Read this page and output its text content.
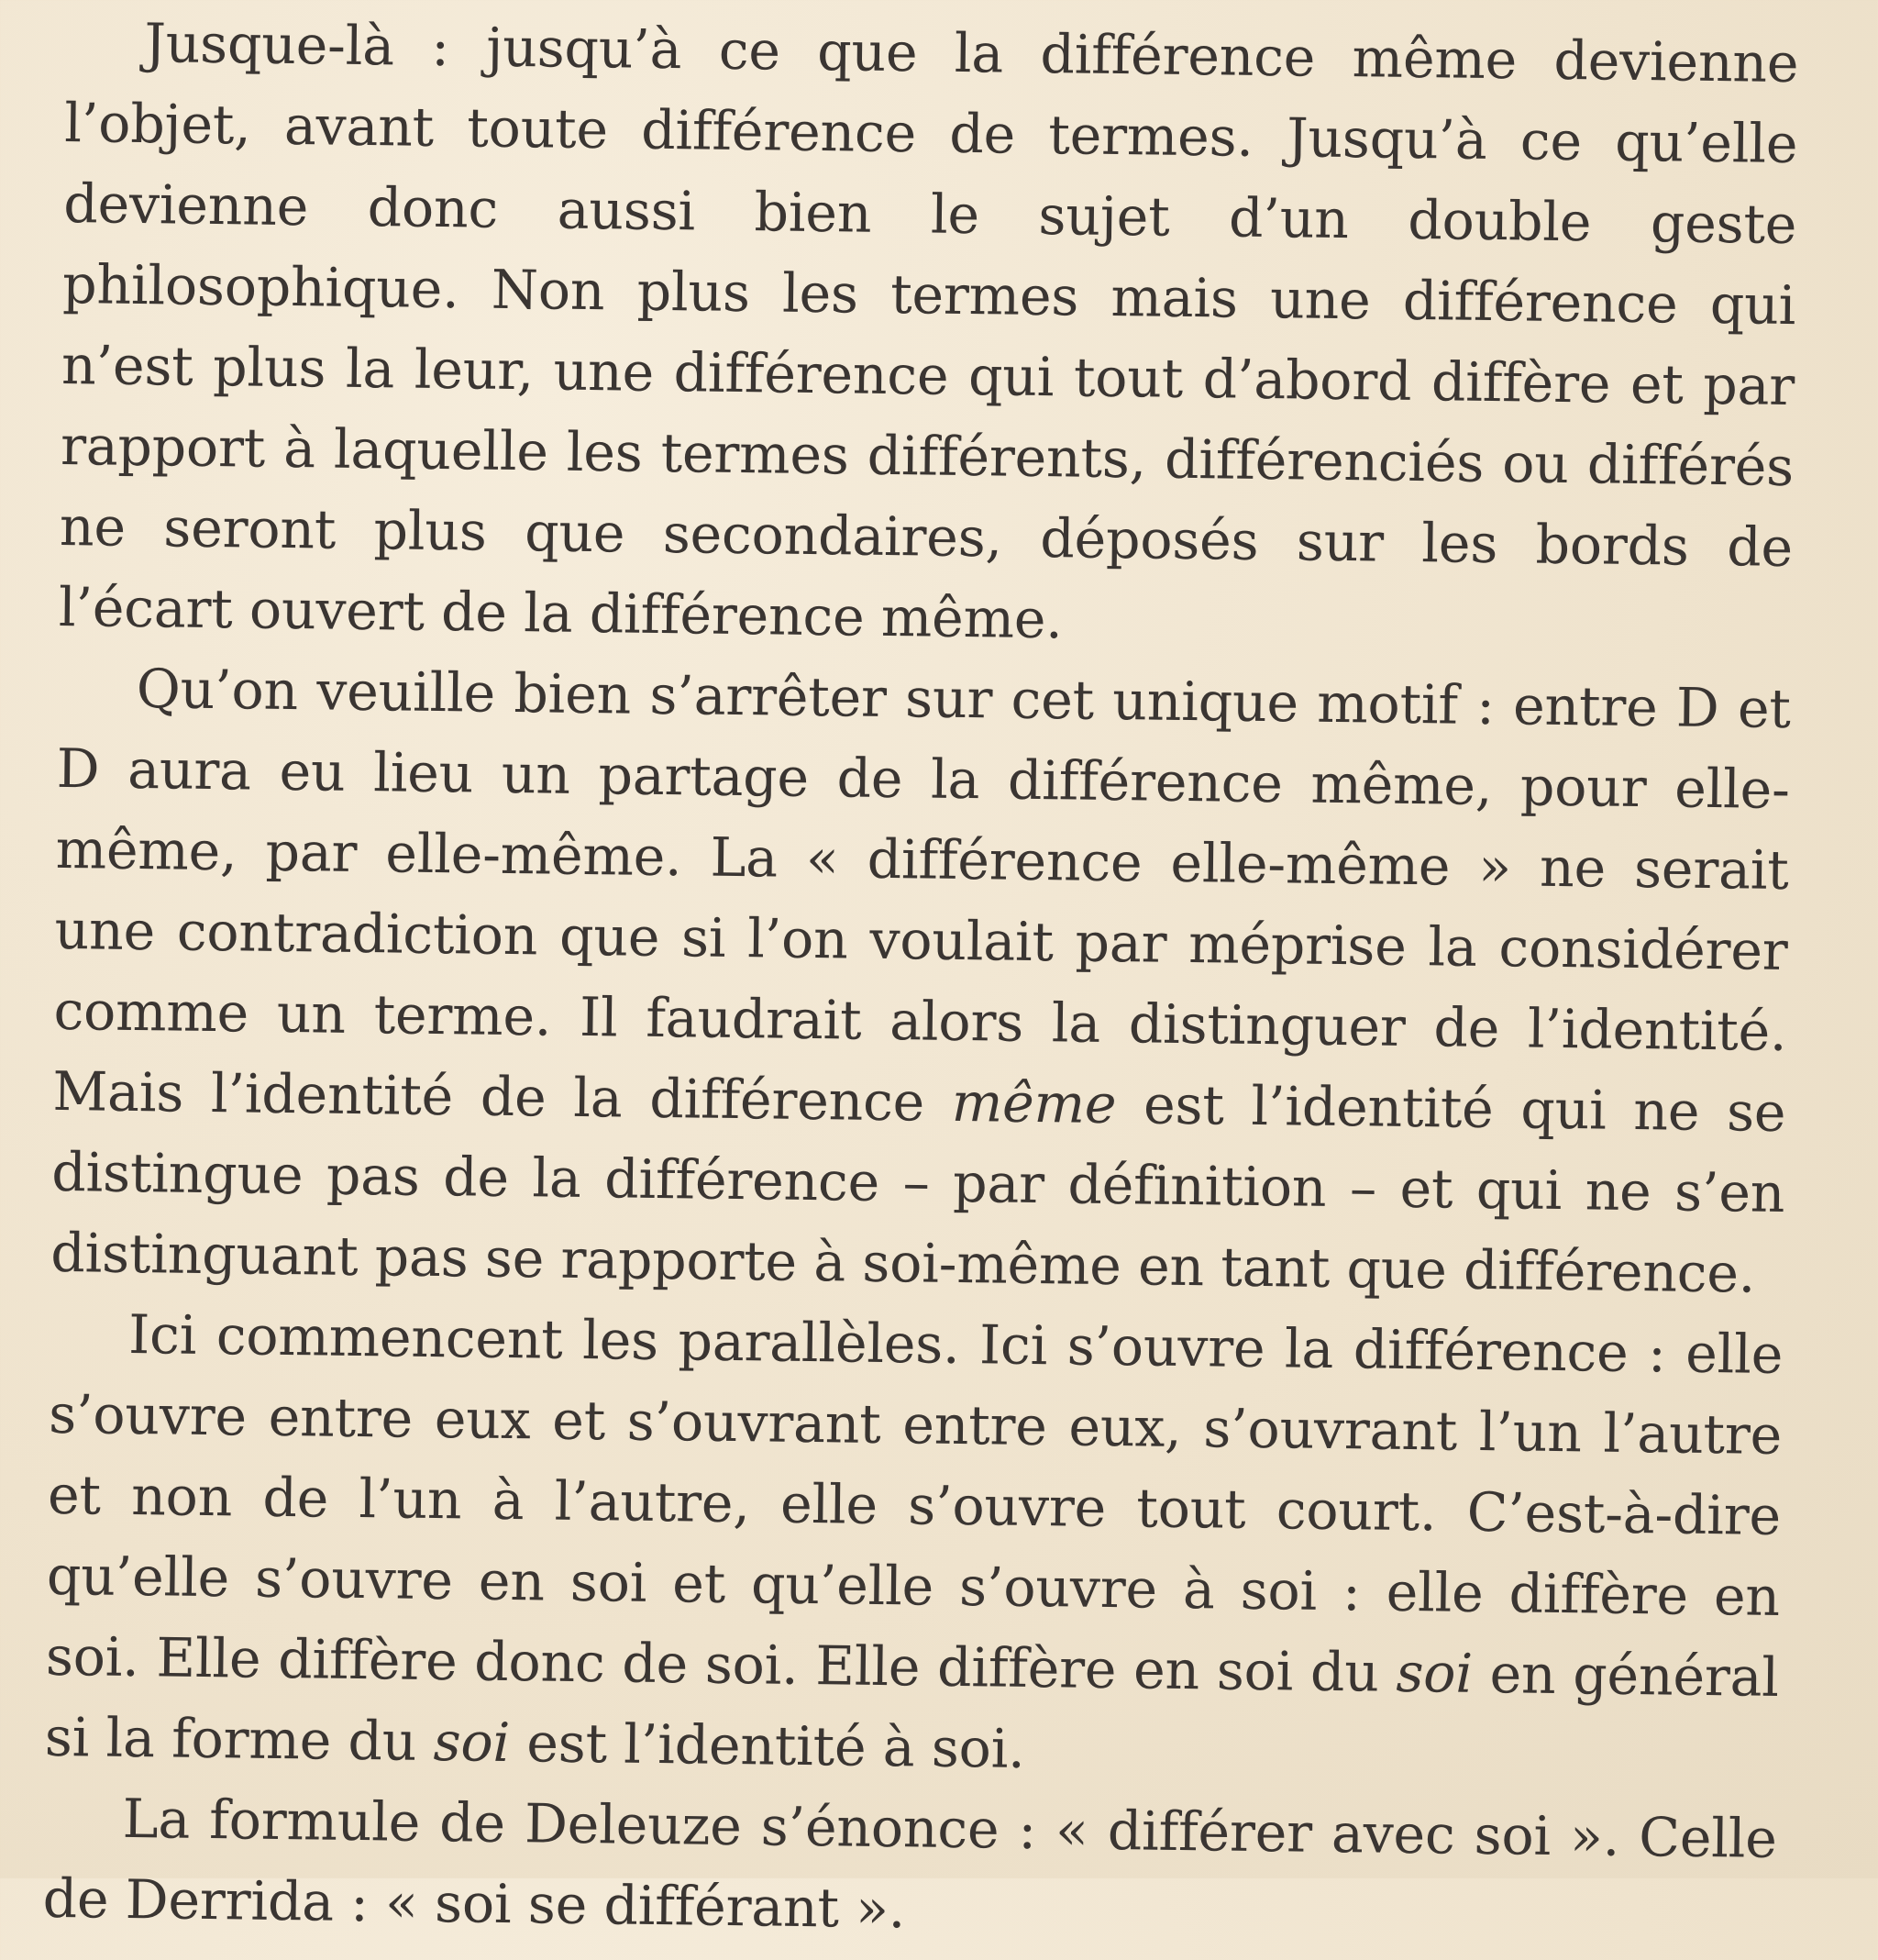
Jusque-là : jusqu’à ce que la différence même devienne l’objet, avant toute différence de termes. Jusqu’à ce qu’elle devienne donc aussi bien le sujet d’un double geste philosophique. Non plus les termes mais une différence qui n’est plus la leur, une différence qui tout d’abord diffère et par rapport à laquelle les termes différents, différenciés ou différés ne seront plus que secondaires, déposés sur les bords de l’écart ouvert de la différence même.

Qu’on veuille bien s’arrêter sur cet unique motif : entre D et D aura eu lieu un partage de la différence même, pour elle-même, par elle-même. La « différence elle-même » ne serait une contradiction que si l’on voulait par méprise la considérer comme un terme. Il faudrait alors la distinguer de l’identité. Mais l’identité de la différence même est l’identité qui ne se distingue pas de la différence – par définition – et qui ne s’en distinguant pas se rapporte à soi-même en tant que différence.

Ici commencent les parallèles. Ici s’ouvre la différence : elle s’ouvre entre eux et s’ouvrant entre eux, s’ouvrant l’un l’autre et non de l’un à l’autre, elle s’ouvre tout court. C’est-à-dire qu’elle s’ouvre en soi et qu’elle s’ouvre à soi : elle diffère en soi. Elle diffère donc de soi. Elle diffère en soi du soi en général si la forme du soi est l’identité à soi.

La formule de Deleuze s’énonce : « différer avec soi ». Celle de Derrida : « soi se différant ».
